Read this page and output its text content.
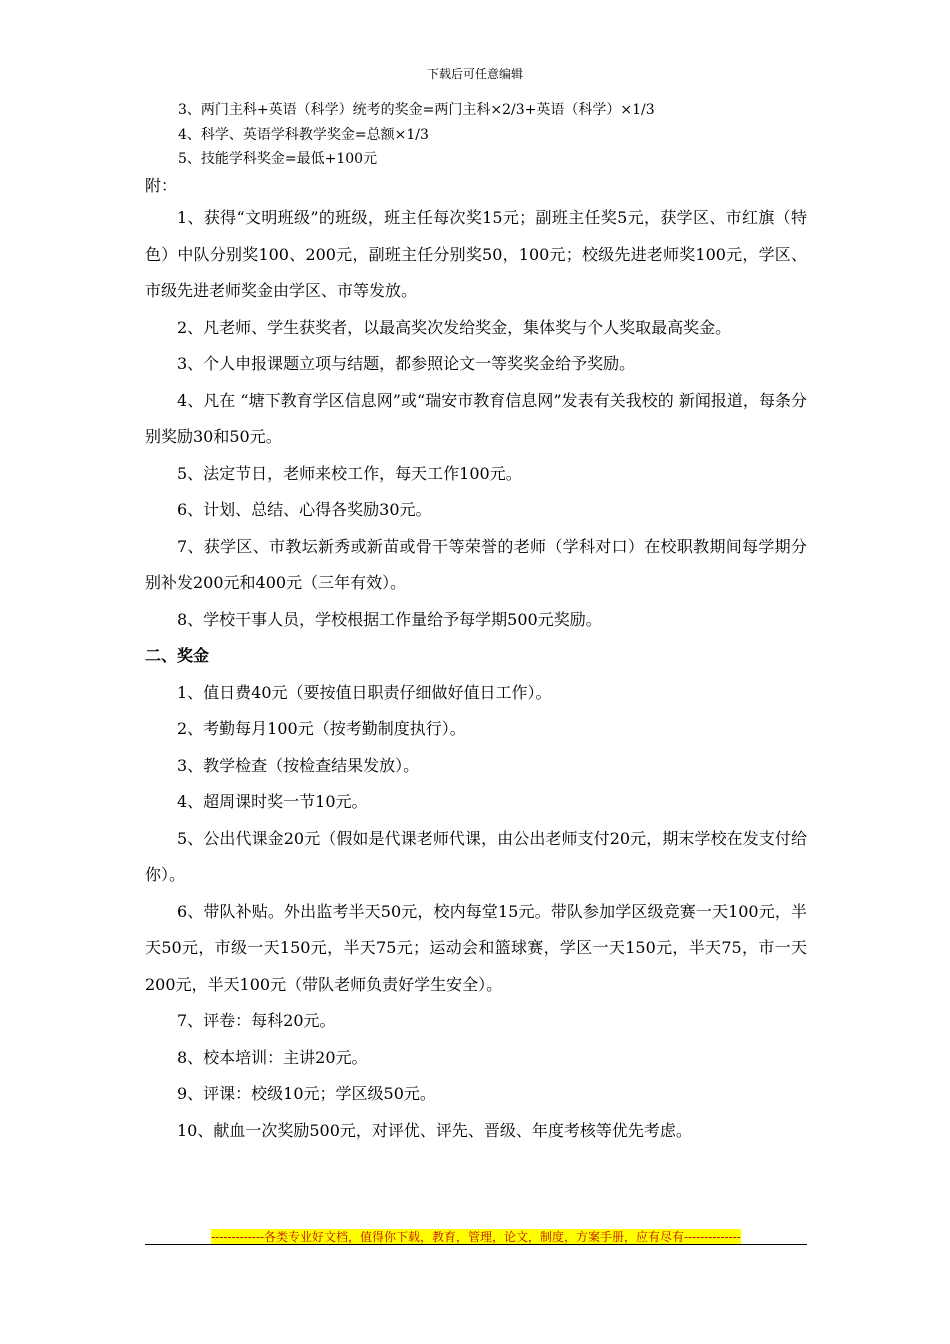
下载后可任意编辑
3、两门主科+英语（科学）统考的奖金=两门主科×2/3+英语（科学）×1/3
4、科学、英语学科教学奖金=总额×1/3
5、技能学科奖金=最低+100元
附：

1、获得“文明班级”的班级，班主任每次奖15元；副班主任奖5元，获学区、市红旗（特色）中队分别奖100、200元，副班主任分别奖50，100元；校级先进老师奖100元，学区、市级先进老师奖金由学区、市等发放。

2、凡老师、学生获奖者，以最高奖次发给奖金，集体奖与个人奖取最高奖金。

3、个人申报课题立项与结题，都参照论文一等奖奖金给予奖励。

4、凡在 “塘下教育学区信息网”或“瑞安市教育信息网”发表有关我校的 新闻报道，每条分别奖励30和50元。

5、法定节日，老师来校工作，每天工作100元。

6、计划、总结、心得各奖励30元。

7、获学区、市教坛新秀或新苗或骨干等荣誉的老师（学科对口）在校职教期间每学期分别补发200元和400元（三年有效）。

8、学校干事人员，学校根据工作量给予每学期500元奖励。

二、奖金

1、值日费40元（要按值日职责仔细做好值日工作）。

2、考勤每月100元（按考勤制度执行）。

3、教学检查（按检查结果发放）。

4、超周课时奖一节10元。

5、公出代课金20元（假如是代课老师代课，由公出老师支付20元，期末学校在发支付给你）。

6、带队补贴。外出监考半天50元，校内每堂15元。带队参加学区级竞赛一天100元，半天50元，市级一天150元，半天75元；运动会和篮球赛，学区一天150元，半天75，市一天200元，半天100元（带队老师负责好学生安全）。

7、评卷：每科20元。

8、校本培训：主讲20元。

9、评课：校级10元；学区级50元。

10、献血一次奖励500元，对评优、评先、晋级、年度考核等优先考虑。

-------------各类专业好文档，值得你下载，教育，管理，论文，制度，方案手册，应有尽有--------------
